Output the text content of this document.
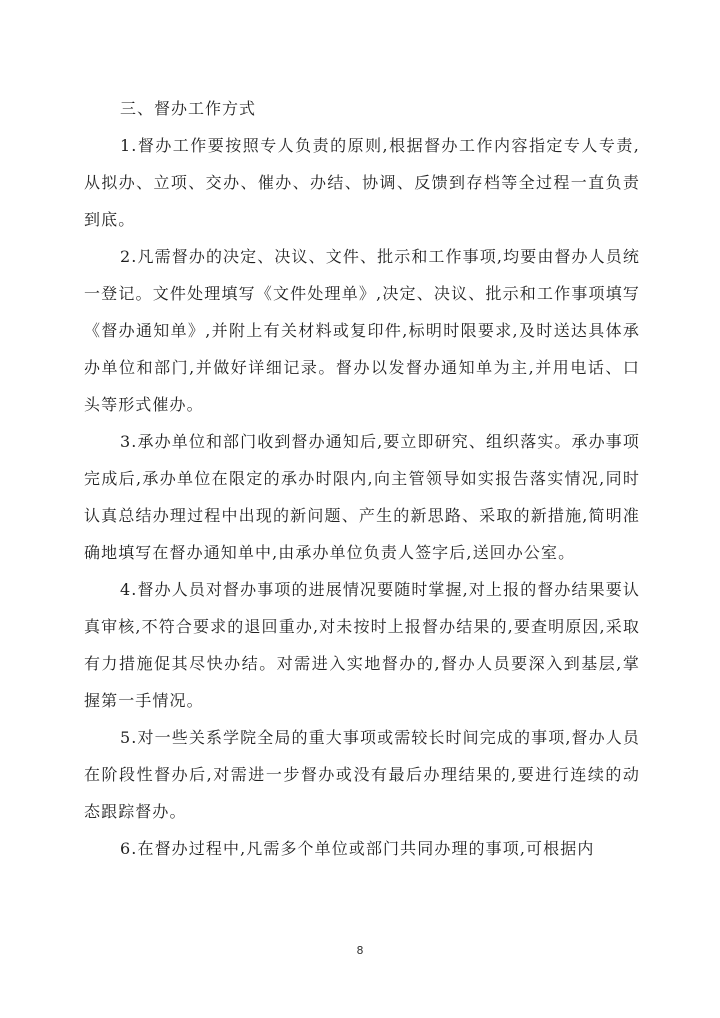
三、督办工作方式

1.督办工作要按照专人负责的原则,根据督办工作内容指定专人专责,从拟办、立项、交办、催办、办结、协调、反馈到存档等全过程一直负责到底。

2.凡需督办的决定、决议、文件、批示和工作事项,均要由督办人员统一登记。文件处理填写《文件处理单》,决定、决议、批示和工作事项填写《督办通知单》,并附上有关材料或复印件,标明时限要求,及时送达具体承办单位和部门,并做好详细记录。督办以发督办通知单为主,并用电话、口头等形式催办。

3.承办单位和部门收到督办通知后,要立即研究、组织落实。承办事项完成后,承办单位在限定的承办时限内,向主管领导如实报告落实情况,同时认真总结办理过程中出现的新问题、产生的新思路、采取的新措施,简明准确地填写在督办通知单中,由承办单位负责人签字后,送回办公室。

4.督办人员对督办事项的进展情况要随时掌握,对上报的督办结果要认真审核,不符合要求的退回重办,对未按时上报督办结果的,要查明原因,采取有力措施促其尽快办结。对需进入实地督办的,督办人员要深入到基层,掌握第一手情况。

5.对一些关系学院全局的重大事项或需较长时间完成的事项,督办人员在阶段性督办后,对需进一步督办或没有最后办理结果的,要进行连续的动态跟踪督办。

6.在督办过程中,凡需多个单位或部门共同办理的事项,可根据内

8
